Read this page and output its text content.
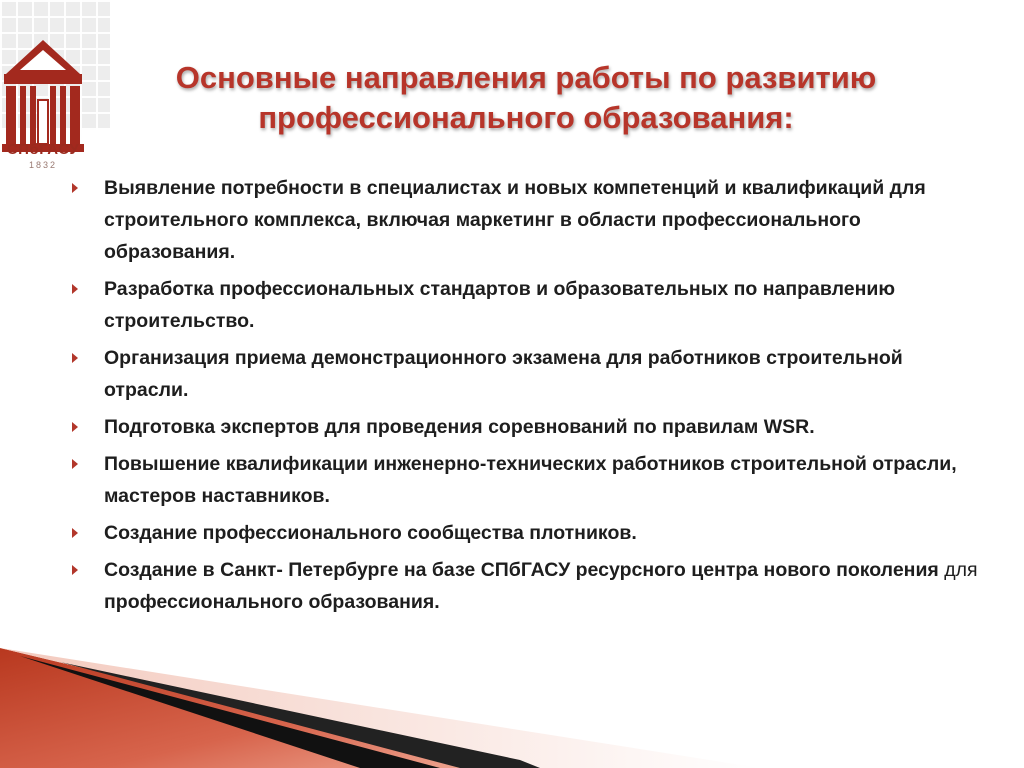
СПбГАСУ
1832
Основные направления работы по развитию
профессионального образования:
Выявление потребности в специалистах и новых компетенций и квалификаций для строительного комплекса, включая маркетинг в области профессионального образования.
Разработка профессиональных стандартов и образовательных по направлению строительство.
Организация приема демонстрационного экзамена для работников строительной отрасли.
Подготовка экспертов для проведения соревнований по правилам WSR.
Повышение квалификации инженерно-технических работников строительной отрасли, мастеров наставников.
Создание профессионального сообщества плотников.
Создание в Санкт- Петербурге на базе СПбГАСУ ресурсного центра нового поколения для профессионального образования.
